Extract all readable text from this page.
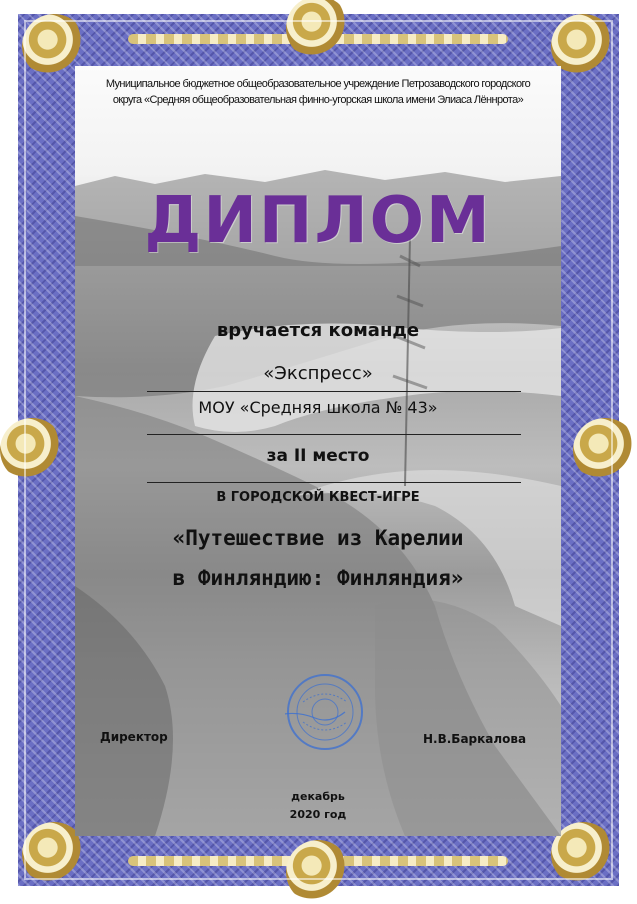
Муниципальное бюджетное общеобразовательное учреждение Петрозаводского городского округа «Средняя общеобразовательная финно-угорская школа имени Элиаса Лённрота»
ДИПЛОМ
вручается команде
«Экспресс»
МОУ «Средняя школа № 43»
за II место
В ГОРОДСКОЙ КВЕСТ-ИГРЕ
«Путешествие из Карелии
в Финляндию: Финляндия»
Директор	Н.В.Баркалова
декабрь
2020 год
